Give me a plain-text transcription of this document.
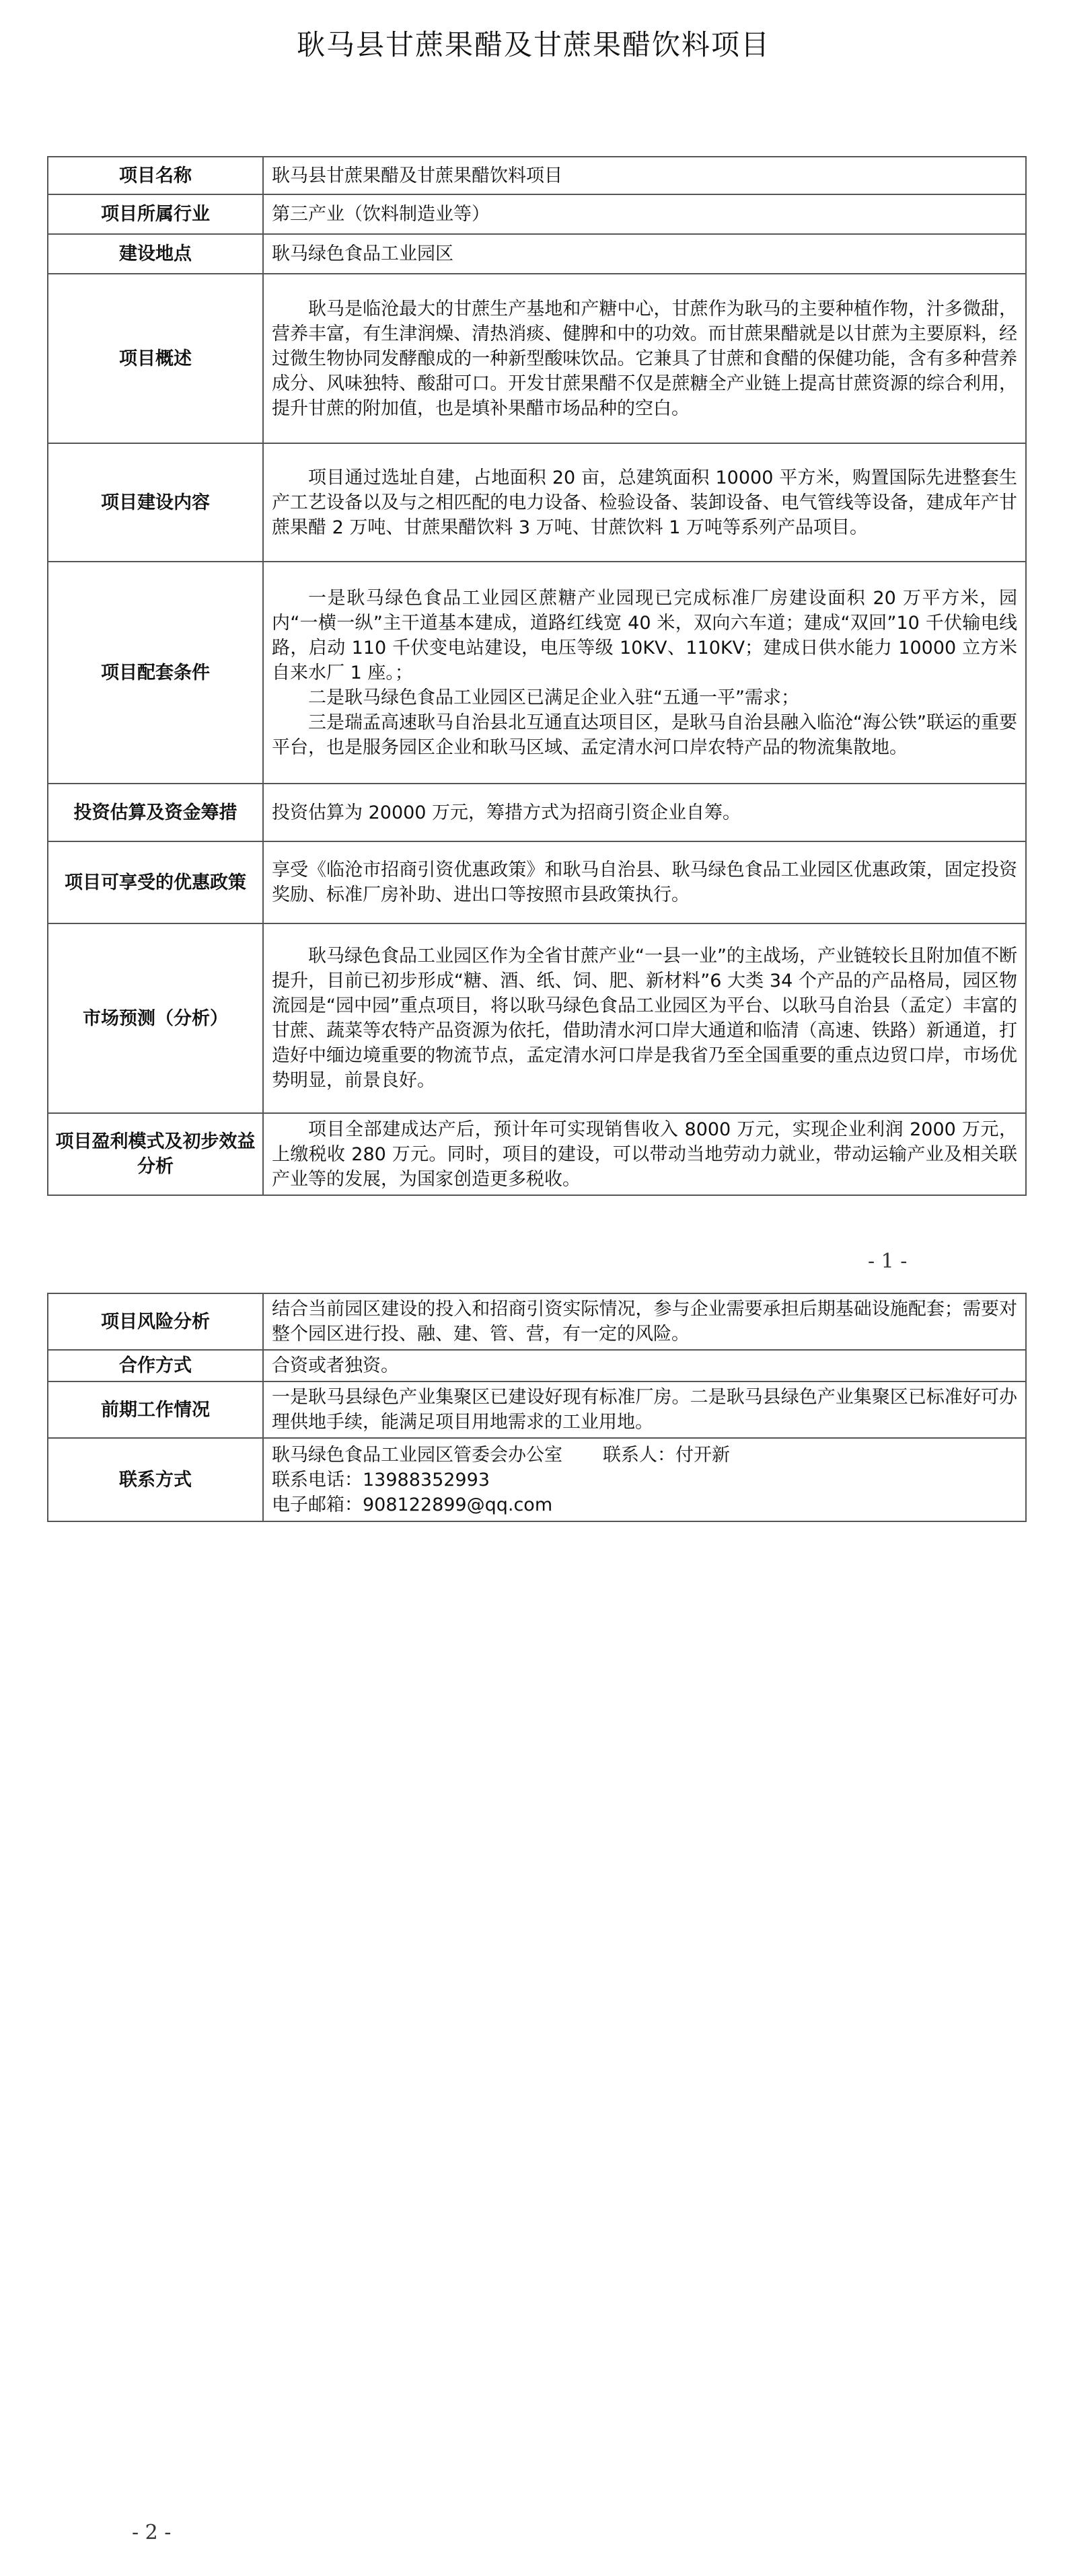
耿马县甘蔗果醋及甘蔗果醋饮料项目
项目名称	耿马县甘蔗果醋及甘蔗果醋饮料项目

项目所属行业	第三产业（饮料制造业等）

建设地点	耿马绿色食品工业园区

项目概述	耿马是临沧最大的甘蔗生产基地和产糖中心，甘蔗作为耿马的主要种植作物，汁多微甜，营养丰富，有生津润燥、清热消痰、健脾和中的功效。而甘蔗果醋就是以甘蔗为主要原料，经过微生物协同发酵酿成的一种新型酸味饮品。它兼具了甘蔗和食醋的保健功能，含有多种营养成分、风味独特、酸甜可口。开发甘蔗果醋不仅是蔗糖全产业链上提高甘蔗资源的综合利用，提升甘蔗的附加值，也是填补果醋市场品种的空白。

项目建设内容	项目通过选址自建，占地面积 20 亩，总建筑面积 10000 平方米，购置国际先进整套生产工艺设备以及与之相匹配的电力设备、检验设备、装卸设备、电气管线等设备，建成年产甘蔗果醋 2 万吨、甘蔗果醋饮料 3 万吨、甘蔗饮料 1 万吨等系列产品项目。

项目配套条件	一是耿马绿色食品工业园区蔗糖产业园现已完成标准厂房建设面积 20 万平方米，园内“一横一纵”主干道基本建成，道路红线宽 40 米，双向六车道；建成“双回”10 千伏输电线路，启动 110 千伏变电站建设，电压等级 10KV、110KV；建成日供水能力 10000 立方米自来水厂 1 座。；

二是耿马绿色食品工业园区已满足企业入驻“五通一平”需求；

三是瑞孟高速耿马自治县北互通直达项目区，是耿马自治县融入临沧“海公铁”联运的重要平台，也是服务园区企业和耿马区域、孟定清水河口岸农特产品的物流集散地。

投资估算及资金筹措	投资估算为 20000 万元，筹措方式为招商引资企业自筹。

项目可享受的优惠政策	享受《临沧市招商引资优惠政策》和耿马自治县、耿马绿色食品工业园区优惠政策，固定投资奖励、标准厂房补助、进出口等按照市县政策执行。

市场预测（分析）	耿马绿色食品工业园区作为全省甘蔗产业“一县一业”的主战场，产业链较长且附加值不断提升，目前已初步形成“糖、酒、纸、饲、肥、新材料”6 大类 34 个产品的产品格局，园区物流园是“园中园”重点项目，将以耿马绿色食品工业园区为平台、以耿马自治县（孟定）丰富的甘蔗、蔬菜等农特产品资源为依托，借助清水河口岸大通道和临清（高速、铁路）新通道，打造好中缅边境重要的物流节点，孟定清水河口岸是我省乃至全国重要的重点边贸口岸，市场优势明显，前景良好。

项目盈利模式及初步效益分析	项目全部建成达产后，预计年可实现销售收入 8000 万元，实现企业利润 2000 万元，上缴税收 280 万元。同时，项目的建设，可以带动当地劳动力就业，带动运输产业及相关联产业等的发展，为国家创造更多税收。

- 1 -

项目风险分析	结合当前园区建设的投入和招商引资实际情况，参与企业需要承担后期基础设施配套；需要对整个园区进行投、融、建、管、营，有一定的风险。

合作方式	合资或者独资。

前期工作情况	一是耿马县绿色产业集聚区已建设好现有标准厂房。二是耿马县绿色产业集聚区已标准好可办理供地手续，能满足项目用地需求的工业用地。

联系方式	耿马绿色食品工业园区管委会办公室 联系人：付开新

联系电话：13988352993

电子邮箱：908122899@qq.com

- 2 -
